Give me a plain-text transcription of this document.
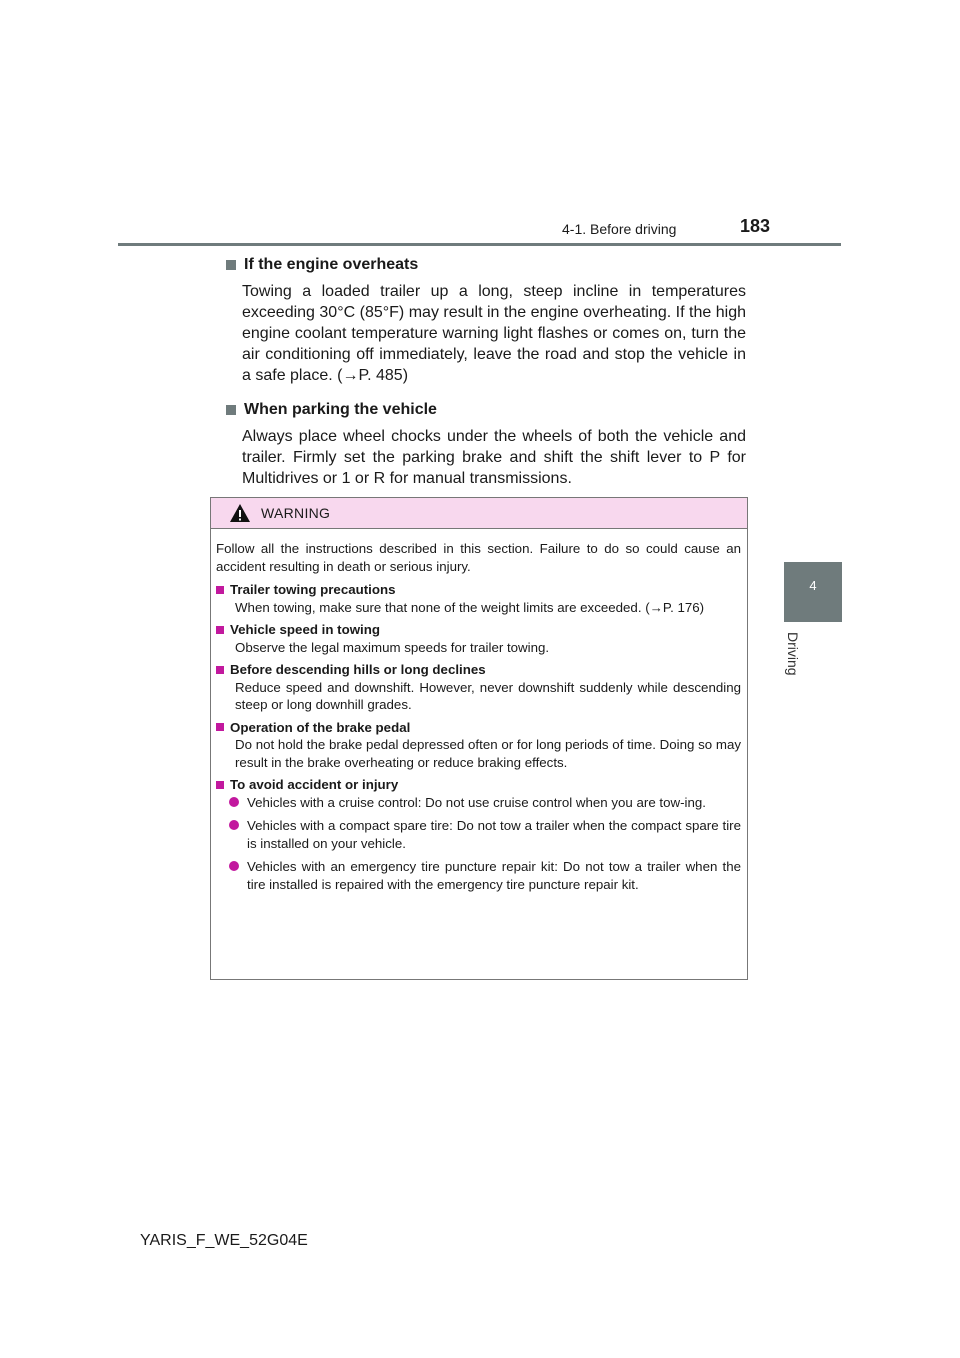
4-1. Before driving	183
4
Driving

If the engine overheats

Towing a loaded trailer up a long, steep incline in temperatures exceeding 30°C (85°F) may result in the engine overheating. If the high engine coolant temperature warning light flashes or comes on, turn the air conditioning off immediately, leave the road and stop the vehicle in a safe place. (→P. 485)

When parking the vehicle

Always place wheel chocks under the wheels of both the vehicle and trailer. Firmly set the parking brake and shift the shift lever to P for Multidrives or 1 or R for manual transmissions.

WARNING

Follow all the instructions described in this section. Failure to do so could cause an accident resulting in death or serious injury.

Trailer towing precautions

When towing, make sure that none of the weight limits are exceeded. (→P. 176)

Vehicle speed in towing

Observe the legal maximum speeds for trailer towing.

Before descending hills or long declines

Reduce speed and downshift. However, never downshift suddenly while descending steep or long downhill grades.

Operation of the brake pedal

Do not hold the brake pedal depressed often or for long periods of time. Doing so may result in the brake overheating or reduce braking effects.

To avoid accident or injury

Vehicles with a cruise control: Do not use cruise control when you are tow-ing.
Vehicles with a compact spare tire: Do not tow a trailer when the compact spare tire is installed on your vehicle.
Vehicles with an emergency tire puncture repair kit: Do not tow a trailer when the tire installed is repaired with the emergency tire puncture repair kit.
YARIS_F_WE_52G04E
